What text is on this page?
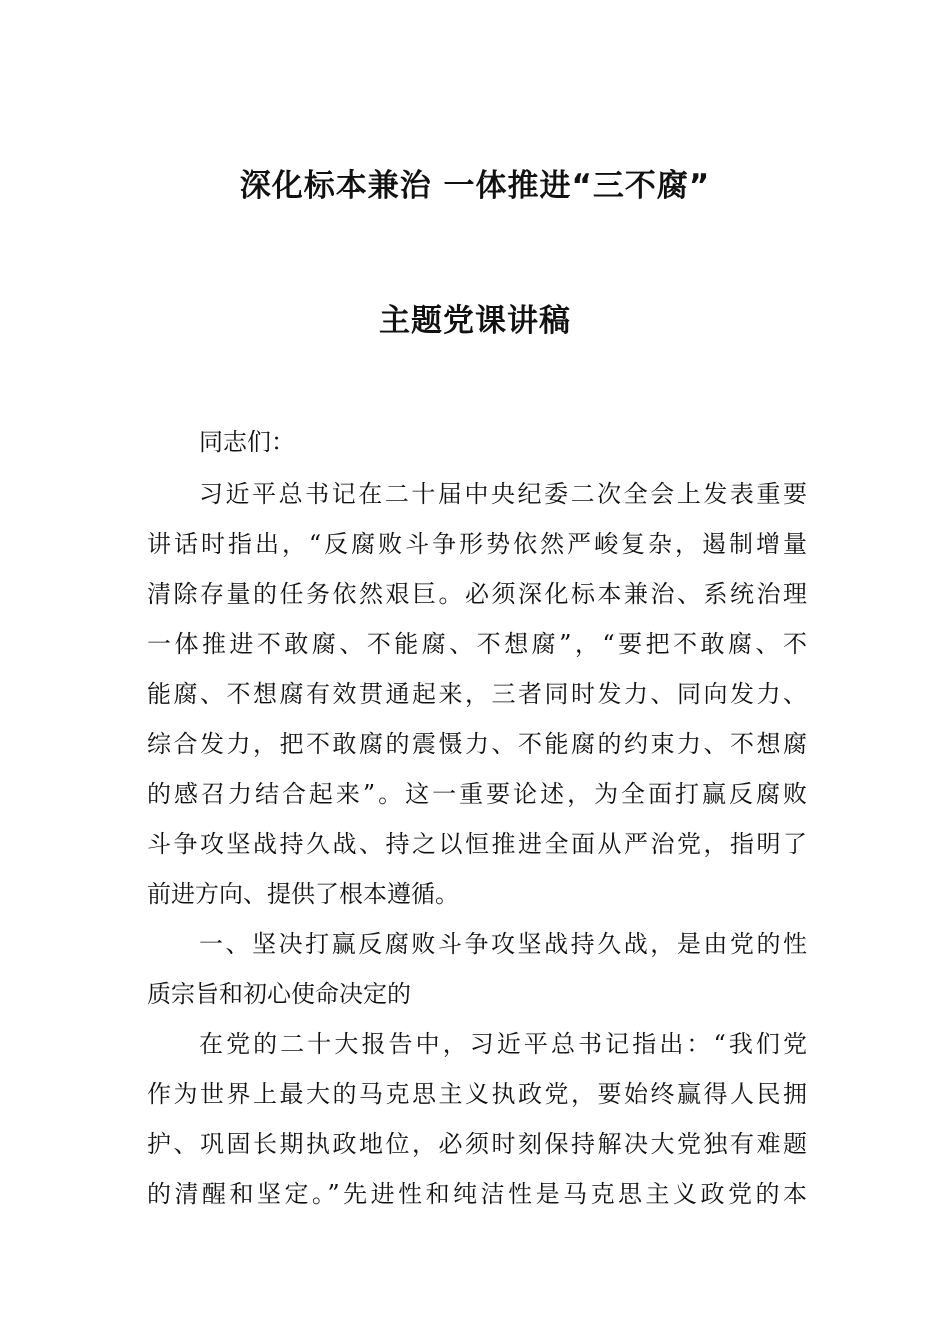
深化标本兼治 一体推进“三不腐”
主题党课讲稿

同志们：

习近平总书记在二十届中央纪委二次全会上发表重要

讲话时指出，“反腐败斗争形势依然严峻复杂，遏制增量

清除存量的任务依然艰巨。必须深化标本兼治、系统治理

一体推进不敢腐、不能腐、不想腐”，“要把不敢腐、不

能腐、不想腐有效贯通起来，三者同时发力、同向发力、

综合发力，把不敢腐的震慑力、不能腐的约束力、不想腐

的感召力结合起来”。这一重要论述，为全面打赢反腐败

斗争攻坚战持久战、持之以恒推进全面从严治党，指明了

前进方向、提供了根本遵循。

一、坚决打赢反腐败斗争攻坚战持久战，是由党的性

质宗旨和初心使命决定的

在党的二十大报告中，习近平总书记指出：“我们党

作为世界上最大的马克思主义执政党，要始终赢得人民拥

护、巩固长期执政地位，必须时刻保持解决大党独有难题

的清醒和坚定。”先进性和纯洁性是马克思主义政党的本
